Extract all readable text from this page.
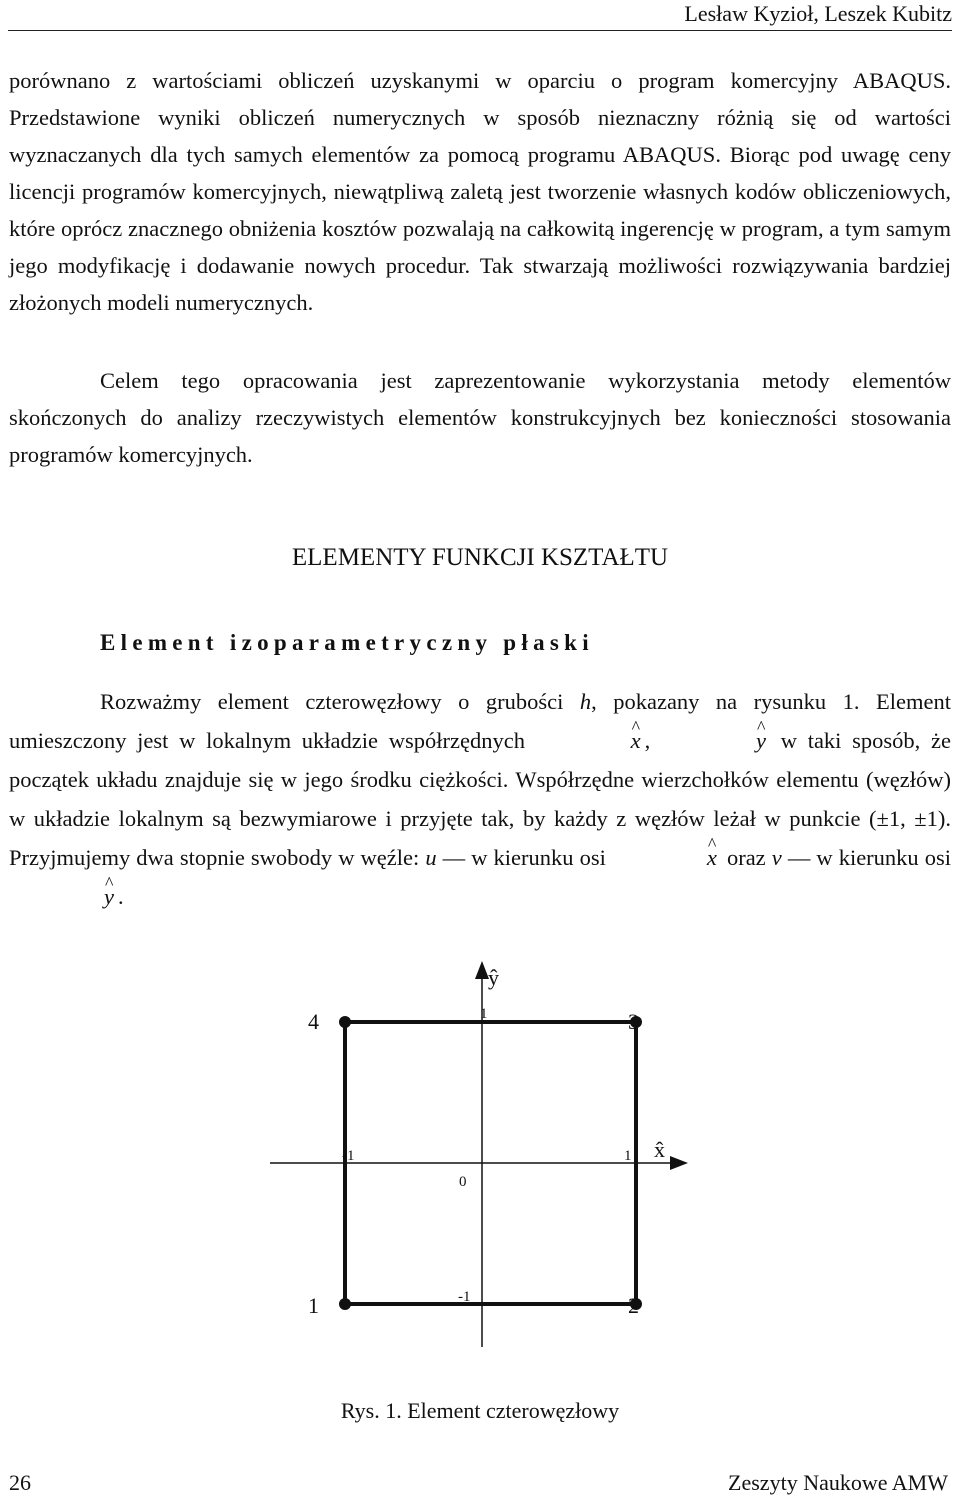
Lesław Kyzioł, Leszek Kubitz

porównano z wartościami obliczeń uzyskanymi w oparciu o program komercyjny ABAQUS. Przedstawione wyniki obliczeń numerycznych w sposób nieznaczny różnią się od wartości wyznaczanych dla tych samych elementów za pomocą programu ABAQUS. Biorąc pod uwagę ceny licencji programów komercyjnych, niewątpliwą zaletą jest tworzenie własnych kodów obliczeniowych, które oprócz znacznego obniżenia kosztów pozwalają na całkowitą ingerencję w program, a tym samym jego modyfikację i dodawanie nowych procedur. Tak stwarzają możliwości rozwiązywania bardziej złożonych modeli numerycznych.

Celem tego opracowania jest zaprezentowanie wykorzystania metody elementów skończonych do analizy rzeczywistych elementów konstrukcyjnych bez konieczności stosowania programów komercyjnych.

ELEMENTY FUNKCJI KSZTAŁTU
Element izoparametryczny płaski

Rozważmy element czterowęzłowy o grubości h, pokazany na rysunku 1. Element umieszczony jest w lokalnym układzie współrzędnych	^ x ,	^ y w taki sposób, że początek układu znajduje się w jego środku ciężkości. Współrzędne wierzchołków elementu (węzłów) w układzie lokalnym są bezwymiarowe i przyjęte tak, by każdy z węzłów leżał w punkcie (±1, ±1). Przyjmujemy dwa stopnie swobody w węźle: u — w kierunku osi	^ x oraz v — w kierunku osi ^ y .

4	3
1	2
1
-1
-1	1
0
ŷ
x̂
Rys. 1. Element czterowęzłowy
26	Zeszyty Naukowe AMW
